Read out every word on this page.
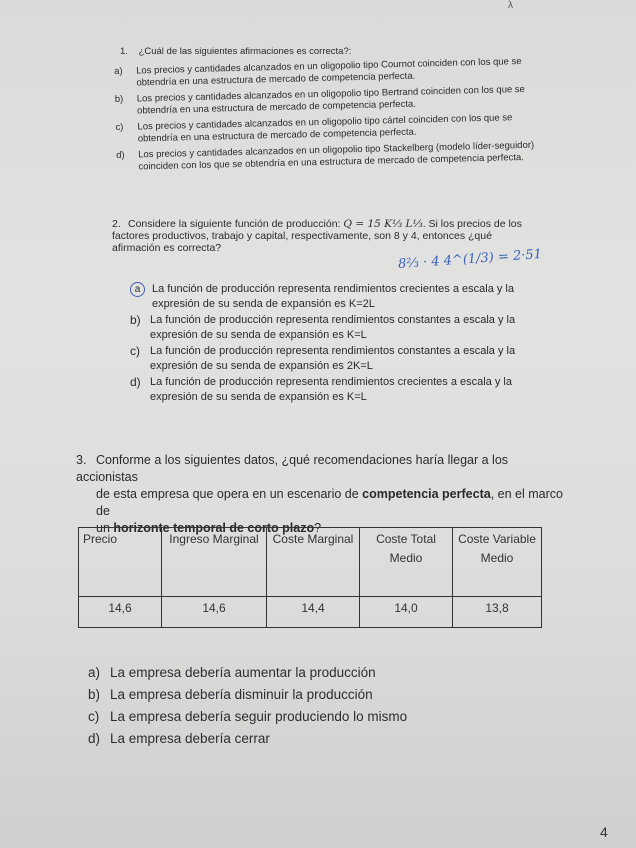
λ
1. ¿Cuál de las siguientes afirmaciones es correcta?:
a)	Los precios y cantidades alcanzados en un oligopolio tipo Cournot coinciden con los que se obtendría en una estructura de mercado de competencia perfecta.
b)	Los precios y cantidades alcanzados en un oligopolio tipo Bertrand coinciden con los que se obtendría en una estructura de mercado de competencia perfecta.
c)	Los precios y cantidades alcanzados en un oligopolio tipo cártel coinciden con los que se obtendría en una estructura de mercado de competencia perfecta.
d)	Los precios y cantidades alcanzados en un oligopolio tipo Stackelberg (modelo líder-seguidor) coinciden con los que se obtendría en una estructura de mercado de competencia perfecta.
2. Considere la siguiente función de producción: Q = 15 K⅓ L⅓. Si los precios de los factores productivos, trabajo y capital, respectivamente, son 8 y 4, entonces ¿qué afirmación es correcta?	8⅔ · 4 4^(1/3) = 2·51
a	La función de producción representa rendimientos crecientes a escala y la expresión de su senda de expansión es K=2L
b) La función de producción representa rendimientos constantes a escala y la expresión de su senda de expansión es K=L
c) La función de producción representa rendimientos constantes a escala y la expresión de su senda de expansión es 2K=L
d) La función de producción representa rendimientos crecientes a escala y la expresión de su senda de expansión es K=L
3. Conforme a los siguientes datos, ¿qué recomendaciones haría llegar a los accionistas
de esta empresa que opera en un escenario de competencia perfecta, en el marco de
un horizonte temporal de corto plazo?
Precio	Ingreso Marginal	Coste Marginal	Coste Total Medio	Coste Variable Medio
14,6	14,6	14,4	14,0	13,8
a) La empresa debería aumentar la producción
b) La empresa debería disminuir la producción
c) La empresa debería seguir produciendo lo mismo
d) La empresa debería cerrar
4
